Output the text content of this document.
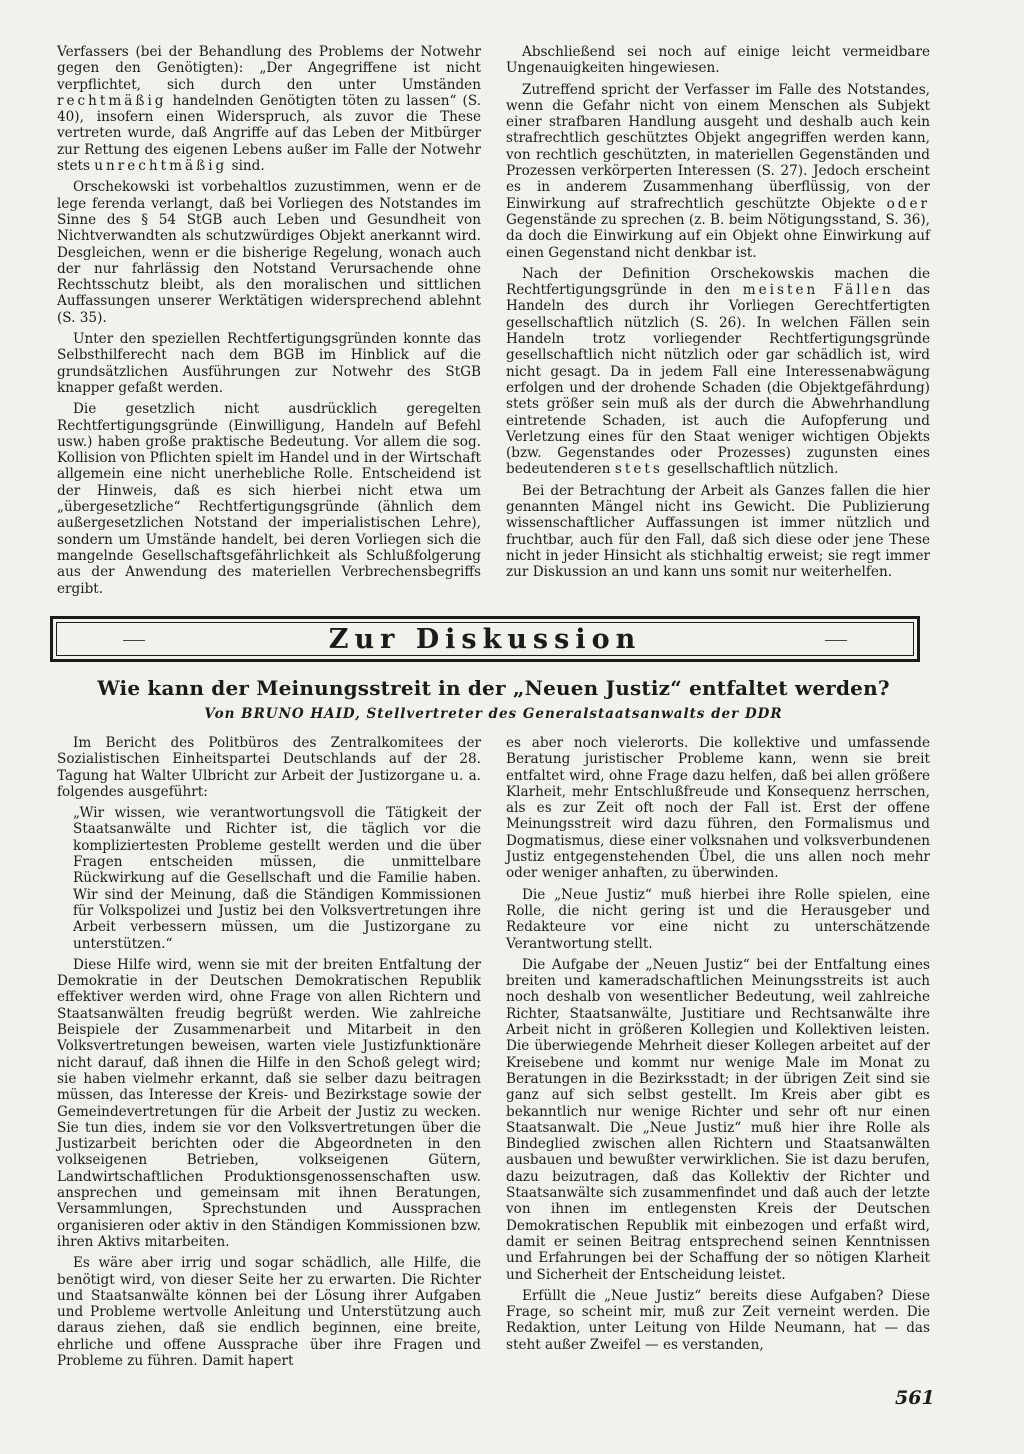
Verfassers (bei der Behandlung des Problems der Notwehr gegen den Genötigten): „Der Angegriffene ist nicht verpflichtet, sich durch den unter Umständen rechtmäßig handelnden Genötigten töten zu lassen“ (S. 40), insofern einen Widerspruch, als zuvor die These vertreten wurde, daß Angriffe auf das Leben der Mitbürger zur Rettung des eigenen Lebens außer im Falle der Notwehr stets unrechtmäßig sind.

Orschekowski ist vorbehaltlos zuzustimmen, wenn er de lege ferenda verlangt, daß bei Vorliegen des Notstandes im Sinne des § 54 StGB auch Leben und Gesundheit von Nichtverwandten als schutzwürdiges Objekt anerkannt wird. Desgleichen, wenn er die bisherige Regelung, wonach auch der nur fahrlässig den Notstand Verursachende ohne Rechtsschutz bleibt, als den moralischen und sittlichen Auffassungen unserer Werktätigen widersprechend ablehnt (S. 35).

Unter den speziellen Rechtfertigungsgründen konnte das Selbsthilferecht nach dem BGB im Hinblick auf die grundsätzlichen Ausführungen zur Notwehr des StGB knapper gefaßt werden.

Die gesetzlich nicht ausdrücklich geregelten Rechtfertigungsgründe (Einwilligung, Handeln auf Befehl usw.) haben große praktische Bedeutung. Vor allem die sog. Kollision von Pflichten spielt im Handel und in der Wirtschaft allgemein eine nicht unerhebliche Rolle. Entscheidend ist der Hinweis, daß es sich hierbei nicht etwa um „übergesetzliche“ Rechtfertigungsgründe (ähnlich dem außergesetzlichen Notstand der imperialistischen Lehre), sondern um Umstände handelt, bei deren Vorliegen sich die mangelnde Gesellschaftsgefährlichkeit als Schlußfolgerung aus der Anwendung des materiellen Verbrechensbegriffs ergibt.

Abschließend sei noch auf einige leicht vermeidbare Ungenauigkeiten hingewiesen.

Zutreffend spricht der Verfasser im Falle des Notstandes, wenn die Gefahr nicht von einem Menschen als Subjekt einer strafbaren Handlung ausgeht und deshalb auch kein strafrechtlich geschütztes Objekt angegriffen werden kann, von rechtlich geschützten, in materiellen Gegenständen und Prozessen verkörperten Interessen (S. 27). Jedoch erscheint es in anderem Zusammenhang überflüssig, von der Einwirkung auf strafrechtlich geschützte Objekte oder Gegenstände zu sprechen (z. B. beim Nötigungsstand, S. 36), da doch die Einwirkung auf ein Objekt ohne Einwirkung auf einen Gegenstand nicht denkbar ist.

Nach der Definition Orschekowskis machen die Rechtfertigungsgründe in den meisten Fällen das Handeln des durch ihr Vorliegen Gerechtfertigten gesellschaftlich nützlich (S. 26). In welchen Fällen sein Handeln trotz vorliegender Rechtfertigungsgründe gesellschaftlich nicht nützlich oder gar schädlich ist, wird nicht gesagt. Da in jedem Fall eine Interessenabwägung erfolgen und der drohende Schaden (die Objektgefährdung) stets größer sein muß als der durch die Abwehrhandlung eintretende Schaden, ist auch die Aufopferung und Verletzung eines für den Staat weniger wichtigen Objekts (bzw. Gegenstandes oder Prozesses) zugunsten eines bedeutenderen stets gesellschaftlich nützlich.

Bei der Betrachtung der Arbeit als Ganzes fallen die hier genannten Mängel nicht ins Gewicht. Die Publizierung wissenschaftlicher Auffassungen ist immer nützlich und fruchtbar, auch für den Fall, daß sich diese oder jene These nicht in jeder Hinsicht als stichhaltig erweist; sie regt immer zur Diskussion an und kann uns somit nur weiterhelfen.

Zur Diskussion
Wie kann der Meinungsstreit in der „Neuen Justiz“ entfaltet werden?
Von BRUNO HAID, Stellvertreter des Generalstaatsanwalts der DDR

Im Bericht des Politbüros des Zentralkomitees der Sozialistischen Einheitspartei Deutschlands auf der 28. Tagung hat Walter Ulbricht zur Arbeit der Justizorgane u. a. folgendes ausgeführt:

„Wir wissen, wie verantwortungsvoll die Tätigkeit der Staatsanwälte und Richter ist, die täglich vor die kompliziertesten Probleme gestellt werden und die über Fragen entscheiden müssen, die unmittelbare Rückwirkung auf die Gesellschaft und die Familie haben. Wir sind der Meinung, daß die Ständigen Kommissionen für Volkspolizei und Justiz bei den Volksvertretungen ihre Arbeit verbessern müssen, um die Justizorgane zu unterstützen.“

Diese Hilfe wird, wenn sie mit der breiten Entfaltung der Demokratie in der Deutschen Demokratischen Republik effektiver werden wird, ohne Frage von allen Richtern und Staatsanwälten freudig begrüßt werden. Wie zahlreiche Beispiele der Zusammenarbeit und Mitarbeit in den Volksvertretungen beweisen, warten viele Justizfunktionäre nicht darauf, daß ihnen die Hilfe in den Schoß gelegt wird; sie haben vielmehr erkannt, daß sie selber dazu beitragen müssen, das Interesse der Kreis- und Bezirkstage sowie der Gemeindevertretungen für die Arbeit der Justiz zu wecken. Sie tun dies, indem sie vor den Volksvertretungen über die Justizarbeit berichten oder die Abgeordneten in den volkseigenen Betrieben, volkseigenen Gütern, Landwirtschaftlichen Produktionsgenossenschaften usw. ansprechen und gemeinsam mit ihnen Beratungen, Versammlungen, Sprechstunden und Aussprachen organisieren oder aktiv in den Ständigen Kommissionen bzw. ihren Aktivs mitarbeiten.

Es wäre aber irrig und sogar schädlich, alle Hilfe, die benötigt wird, von dieser Seite her zu erwarten. Die Richter und Staatsanwälte können bei der Lösung ihrer Aufgaben und Probleme wertvolle Anleitung und Unterstützung auch daraus ziehen, daß sie endlich beginnen, eine breite, ehrliche und offene Aussprache über ihre Fragen und Probleme zu führen. Damit hapert

es aber noch vielerorts. Die kollektive und umfassende Beratung juristischer Probleme kann, wenn sie breit entfaltet wird, ohne Frage dazu helfen, daß bei allen größere Klarheit, mehr Entschlußfreude und Konsequenz herrschen, als es zur Zeit oft noch der Fall ist. Erst der offene Meinungsstreit wird dazu führen, den Formalismus und Dogmatismus, diese einer volksnahen und volksverbundenen Justiz entgegenstehenden Übel, die uns allen noch mehr oder weniger anhaften, zu überwinden.

Die „Neue Justiz“ muß hierbei ihre Rolle spielen, eine Rolle, die nicht gering ist und die Herausgeber und Redakteure vor eine nicht zu unterschätzende Verantwortung stellt.

Die Aufgabe der „Neuen Justiz“ bei der Entfaltung eines breiten und kameradschaftlichen Meinungsstreits ist auch noch deshalb von wesentlicher Bedeutung, weil zahlreiche Richter, Staatsanwälte, Justitiare und Rechtsanwälte ihre Arbeit nicht in größeren Kollegien und Kollektiven leisten. Die überwiegende Mehrheit dieser Kollegen arbeitet auf der Kreisebene und kommt nur wenige Male im Monat zu Beratungen in die Bezirksstadt; in der übrigen Zeit sind sie ganz auf sich selbst gestellt. Im Kreis aber gibt es bekanntlich nur wenige Richter und sehr oft nur einen Staatsanwalt. Die „Neue Justiz“ muß hier ihre Rolle als Bindeglied zwischen allen Richtern und Staatsanwälten ausbauen und bewußter verwirklichen. Sie ist dazu berufen, dazu beizutragen, daß das Kollektiv der Richter und Staatsanwälte sich zusammenfindet und daß auch der letzte von ihnen im entlegensten Kreis der Deutschen Demokratischen Republik mit einbezogen und erfaßt wird, damit er seinen Beitrag entsprechend seinen Kenntnissen und Erfahrungen bei der Schaffung der so nötigen Klarheit und Sicherheit der Entscheidung leistet.

Erfüllt die „Neue Justiz“ bereits diese Aufgaben? Diese Frage, so scheint mir, muß zur Zeit verneint werden. Die Redaktion, unter Leitung von Hilde Neumann, hat — das steht außer Zweifel — es verstanden,

561
